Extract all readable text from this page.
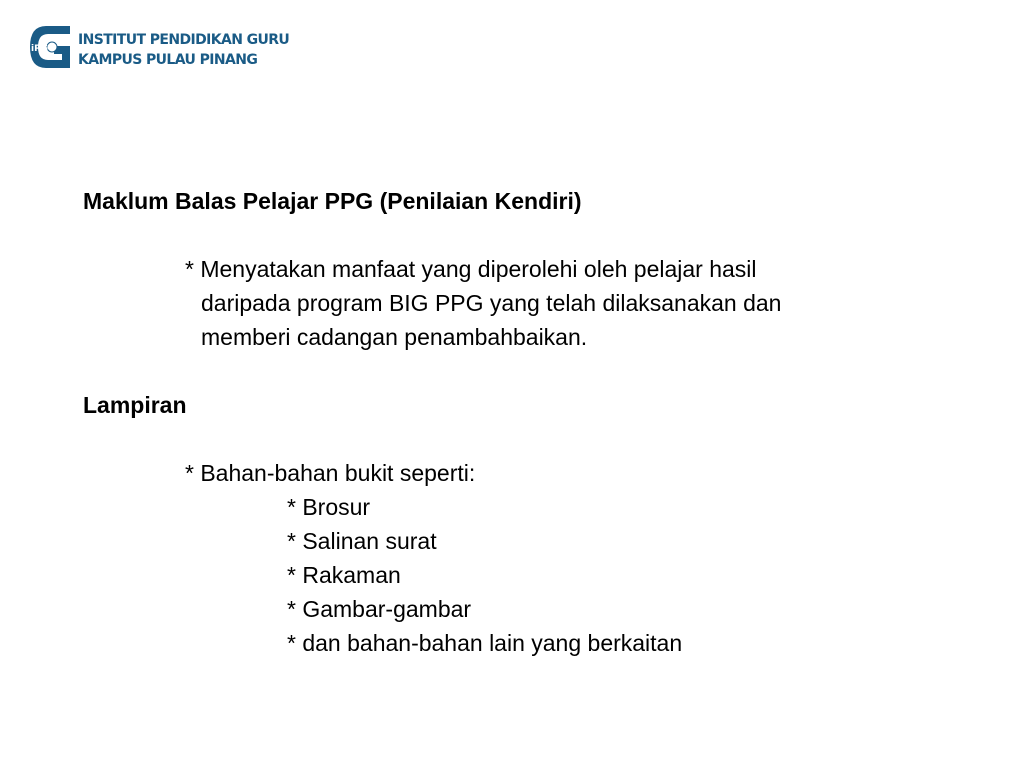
iPG
INSTITUT PENDIDIKAN GURU
KAMPUS PULAU PINANG

Maklum Balas Pelajar PPG (Penilaian Kendiri)

* Menyatakan manfaat yang diperolehi oleh pelajar hasil

daripada program BIG PPG yang telah dilaksanakan dan

memberi cadangan penambahbaikan.

Lampiran

* Bahan-bahan bukit seperti:

* Brosur

* Salinan surat

* Rakaman

* Gambar-gambar

* dan bahan-bahan lain yang berkaitan
